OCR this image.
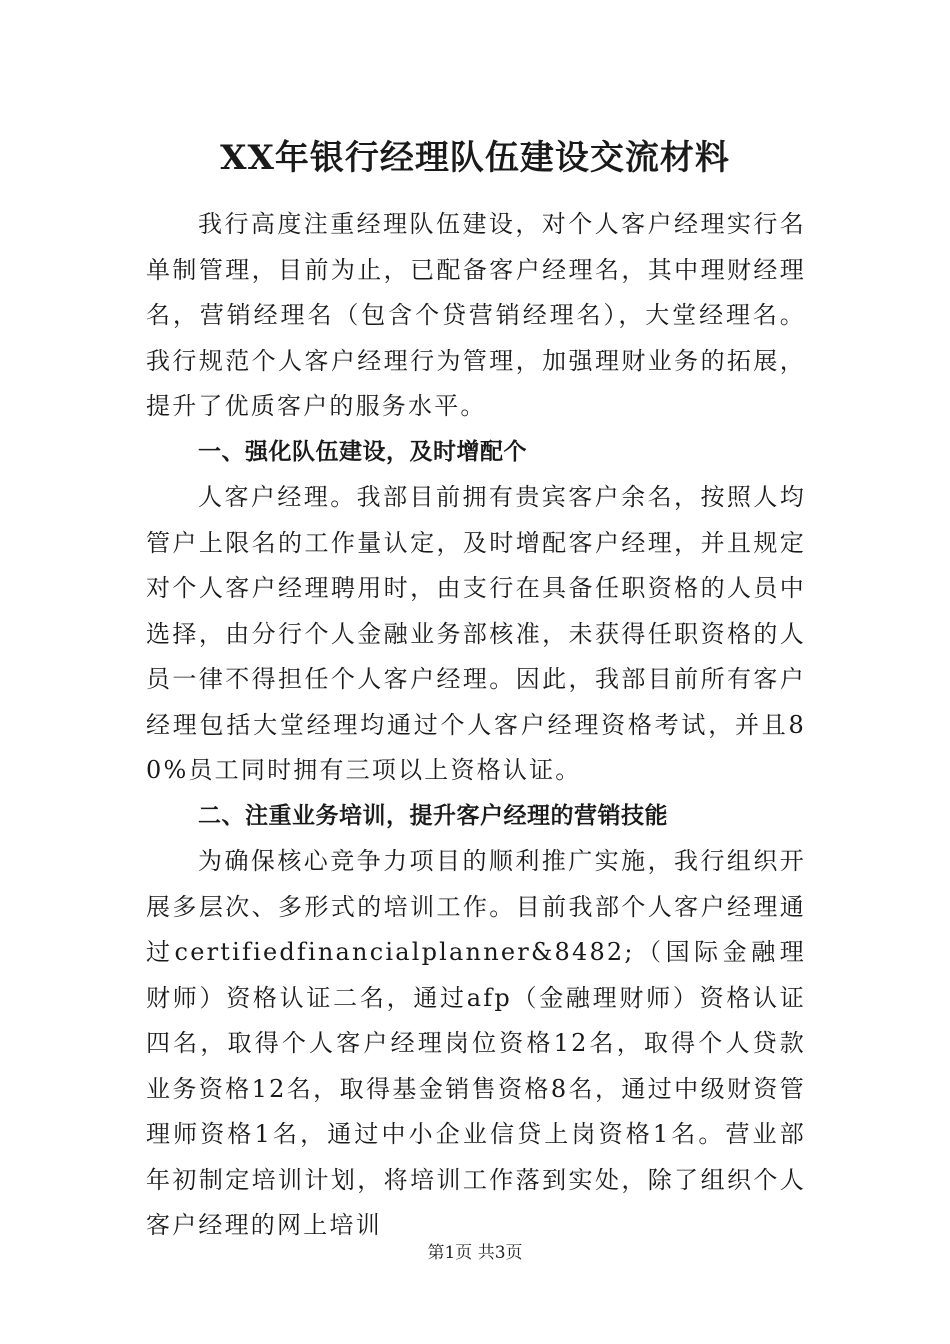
XX年银行经理队伍建设交流材料

我行高度注重经理队伍建设，对个人客户经理实行名单制管理，目前为止，已配备客户经理名，其中理财经理名，营销经理名（包含个贷营销经理名），大堂经理名。我行规范个人客户经理行为管理，加强理财业务的拓展，提升了优质客户的服务水平。

一、强化队伍建设，及时增配个

人客户经理。我部目前拥有贵宾客户余名，按照人均管户上限名的工作量认定，及时增配客户经理，并且规定对个人客户经理聘用时，由支行在具备任职资格的人员中选择，由分行个人金融业务部核准，未获得任职资格的人员一律不得担任个人客户经理。因此，我部目前所有客户经理包括大堂经理均通过个人客户经理资格考试，并且80%员工同时拥有三项以上资格认证。

二、注重业务培训，提升客户经理的营销技能

为确保核心竞争力项目的顺利推广实施，我行组织开展多层次、多形式的培训工作。目前我部个人客户经理通过certifiedfinancialplanner&8482;（国际金融理财师）资格认证二名，通过afp（金融理财师）资格认证四名，取得个人客户经理岗位资格12名，取得个人贷款业务资格12名，取得基金销售资格8名，通过中级财资管理师资格1名，通过中小企业信贷上岗资格1名。营业部年初制定培训计划，将培训工作落到实处，除了组织个人客户经理的网上培训

第1页 共3页
